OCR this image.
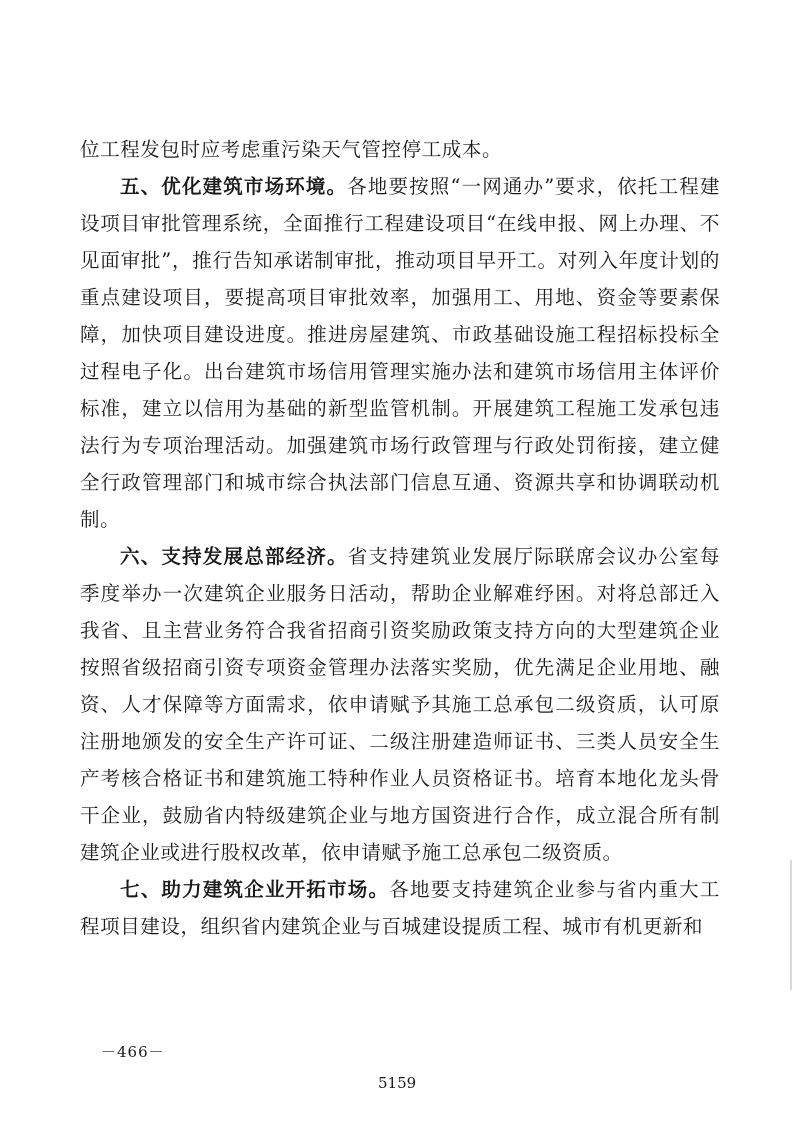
位工程发包时应考虑重污染天气管控停工成本。

五、优化建筑市场环境。各地要按照“一网通办”要求，依托工程建设项目审批管理系统，全面推行工程建设项目“在线申报、网上办理、不见面审批”，推行告知承诺制审批，推动项目早开工。对列入年度计划的重点建设项目，要提高项目审批效率，加强用工、用地、资金等要素保障，加快项目建设进度。推进房屋建筑、市政基础设施工程招标投标全过程电子化。出台建筑市场信用管理实施办法和建筑市场信用主体评价标准，建立以信用为基础的新型监管机制。开展建筑工程施工发承包违法行为专项治理活动。加强建筑市场行政管理与行政处罚衔接，建立健全行政管理部门和城市综合执法部门信息互通、资源共享和协调联动机制。

六、支持发展总部经济。省支持建筑业发展厅际联席会议办公室每季度举办一次建筑企业服务日活动，帮助企业解难纾困。对将总部迁入我省、且主营业务符合我省招商引资奖励政策支持方向的大型建筑企业按照省级招商引资专项资金管理办法落实奖励，优先满足企业用地、融资、人才保障等方面需求，依申请赋予其施工总承包二级资质，认可原注册地颁发的安全生产许可证、二级注册建造师证书、三类人员安全生产考核合格证书和建筑施工特种作业人员资格证书。培育本地化龙头骨干企业，鼓励省内特级建筑企业与地方国资进行合作，成立混合所有制建筑企业或进行股权改革，依申请赋予施工总承包二级资质。

七、助力建筑企业开拓市场。各地要支持建筑企业参与省内重大工程项目建设，组织省内建筑企业与百城建设提质工程、城市有机更新和

－466－
5159
